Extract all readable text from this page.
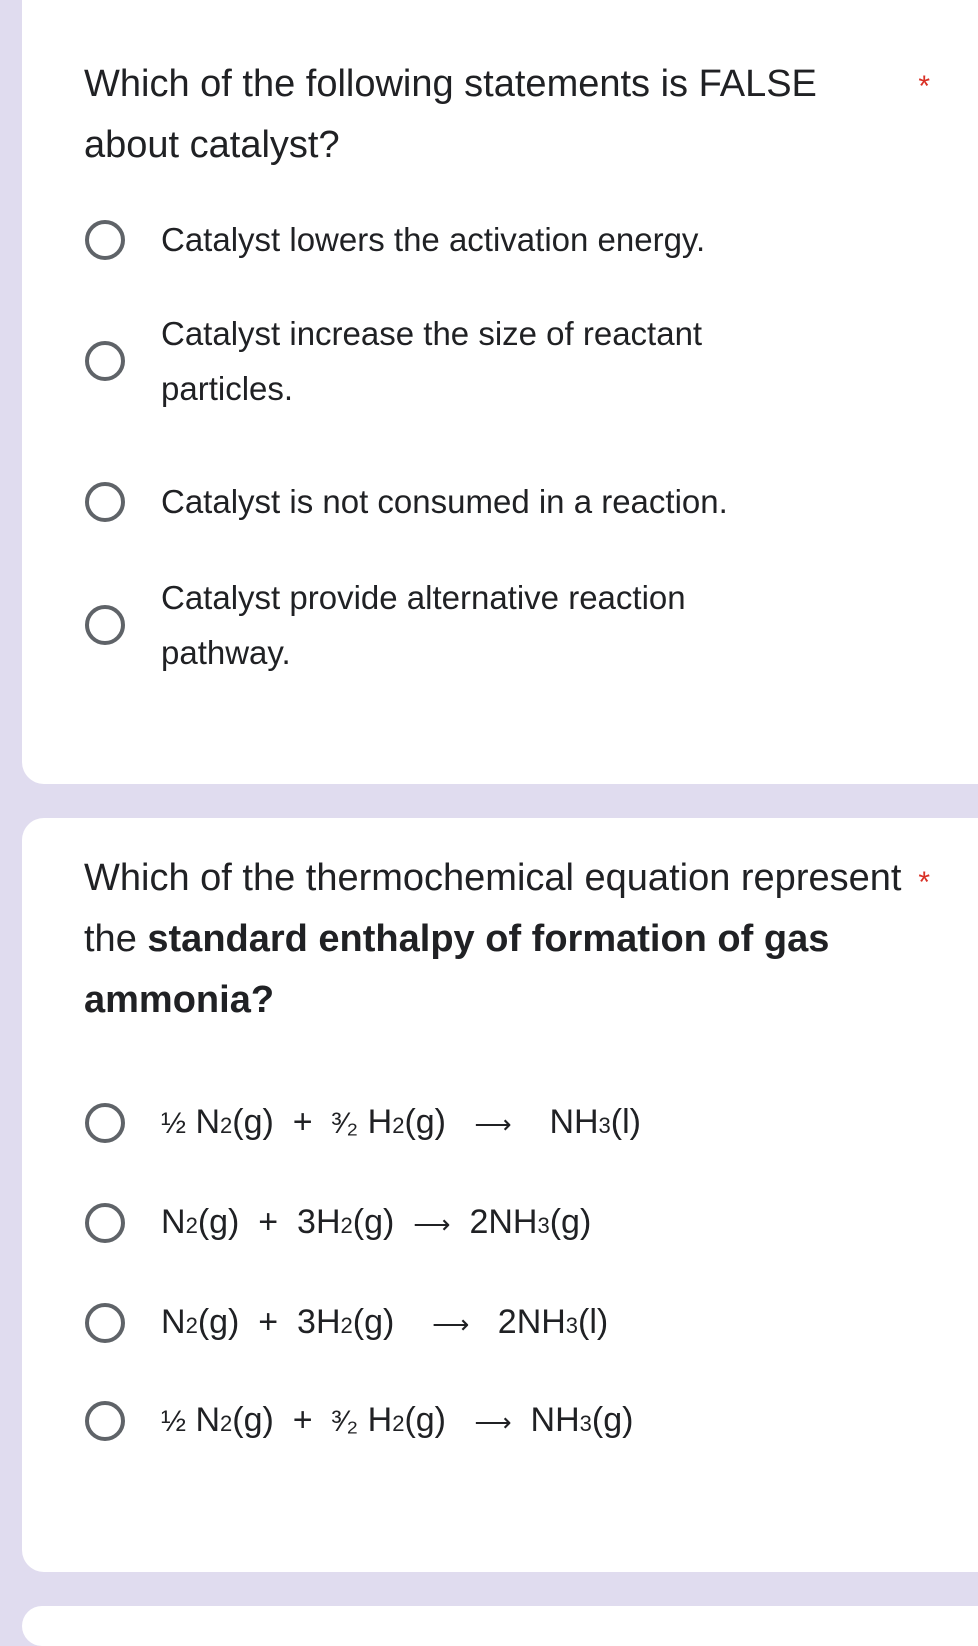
Which of the following statements is FALSE about catalyst?

*
Catalyst lowers the activation energy.
Catalyst increase the size of reactant particles.
Catalyst is not consumed in a reaction.
Catalyst provide alternative reaction pathway.

Which of the thermochemical equation represent the standard enthalpy of formation of gas ammonia?

*
½
N 2 (g)
+
³⁄₂
H 2 (g)
⟶
NH 3 (l)
N 2 (g)
+
3 H 2 (g)
⟶
2 NH 3 (g)
N 2 (g)
+
3 H 2 (g)
⟶
2 NH 3 (l)
½
N 2 (g)
+
³⁄₂
H 2 (g)
⟶
NH 3 (g)
